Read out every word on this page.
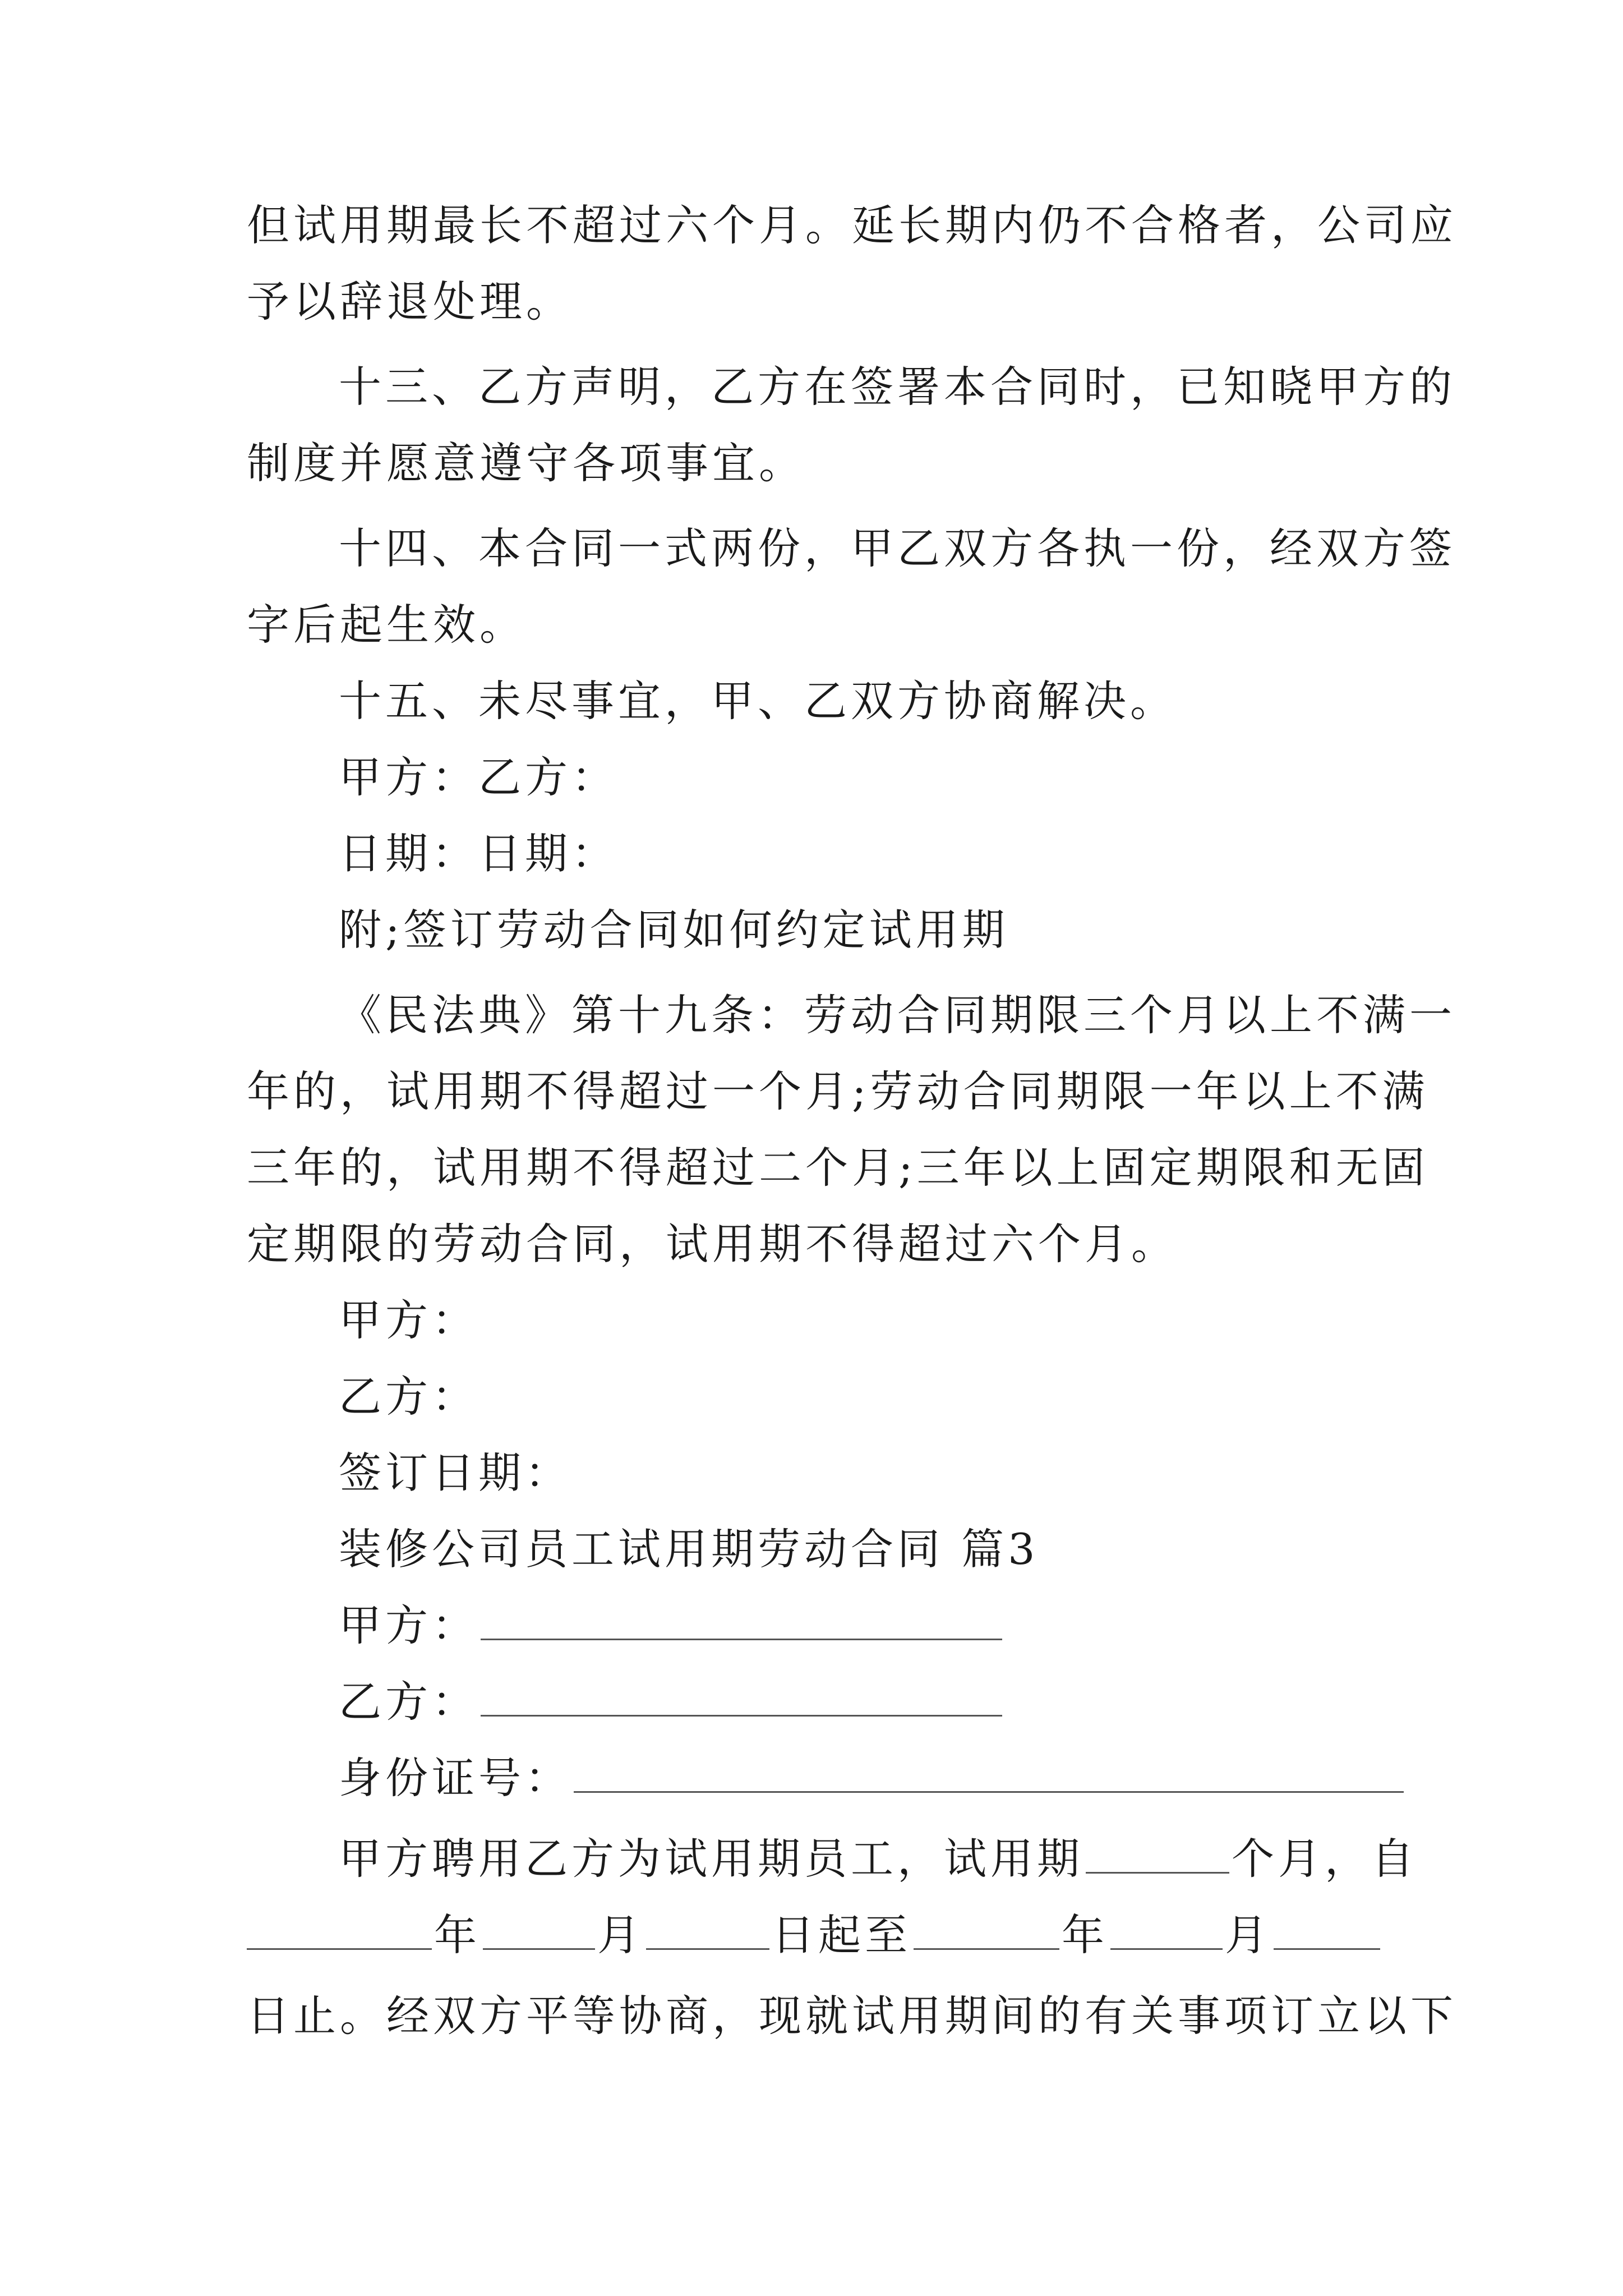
但试用期最长不超过六个月。延长期内仍不合格者，公司应
予以辞退处理。
十三、乙方声明，乙方在签署本合同时，已知晓甲方的
制度并愿意遵守各项事宜。
十四、本合同一式两份，甲乙双方各执一份，经双方签
字后起生效。
十五、未尽事宜，甲、乙双方协商解决。
甲方：乙方：
日期：日期：
附;签订劳动合同如何约定试用期
《民法典》第十九条：劳动合同期限三个月以上不满一
年的，试用期不得超过一个月;劳动合同期限一年以上不满
三年的，试用期不得超过二个月;三年以上固定期限和无固
定期限的劳动合同，试用期不得超过六个月。
甲方：
乙方：
签订日期：
装修公司员工试用期劳动合同 篇3
甲方：
乙方：
身份证号：
甲方聘用乙方为试用期员工，试用期	个月，自
年	月	日起至	年	月
日止。经双方平等协商，现就试用期间的有关事项订立以下
